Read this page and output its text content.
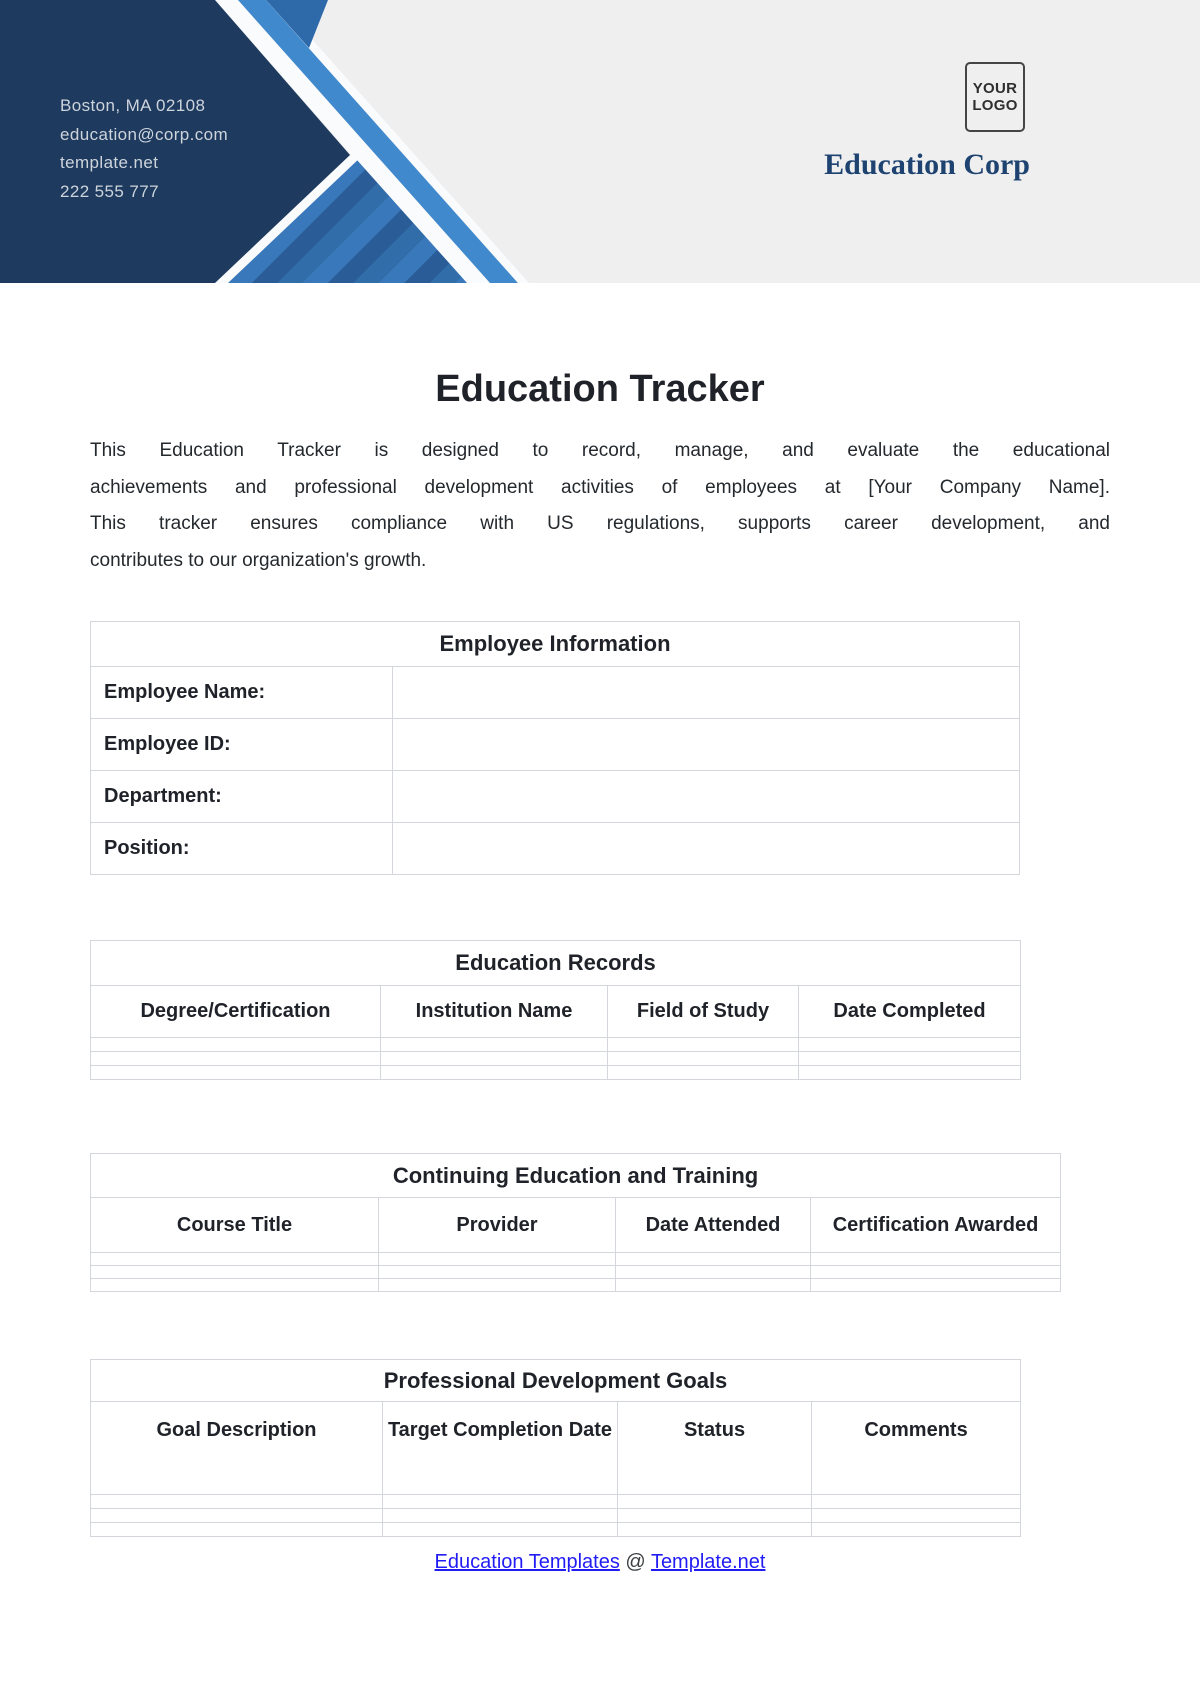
Boston, MA 02108
education@corp.com
template.net
222 555 777
YOUR
LOGO
Education Corp
Education Tracker
This Education Tracker is designed to record, manage, and evaluate the educational
achievements and professional development activities of employees at [Your Company Name].
This tracker ensures compliance with US regulations, supports career development, and
contributes to our organization's growth.
Employee Information	
Employee Name:	
Employee ID:	
Department:	
Position:	
Education Records			
Degree/Certification	Institution Name	Field of Study	Date Completed

Continuing Education and Training			
Course Title	Provider	Date Attended	Certification Awarded

Professional Development Goals			
Goal Description	Target Completion Date	Status	Comments

Education Templates @ Template.net
